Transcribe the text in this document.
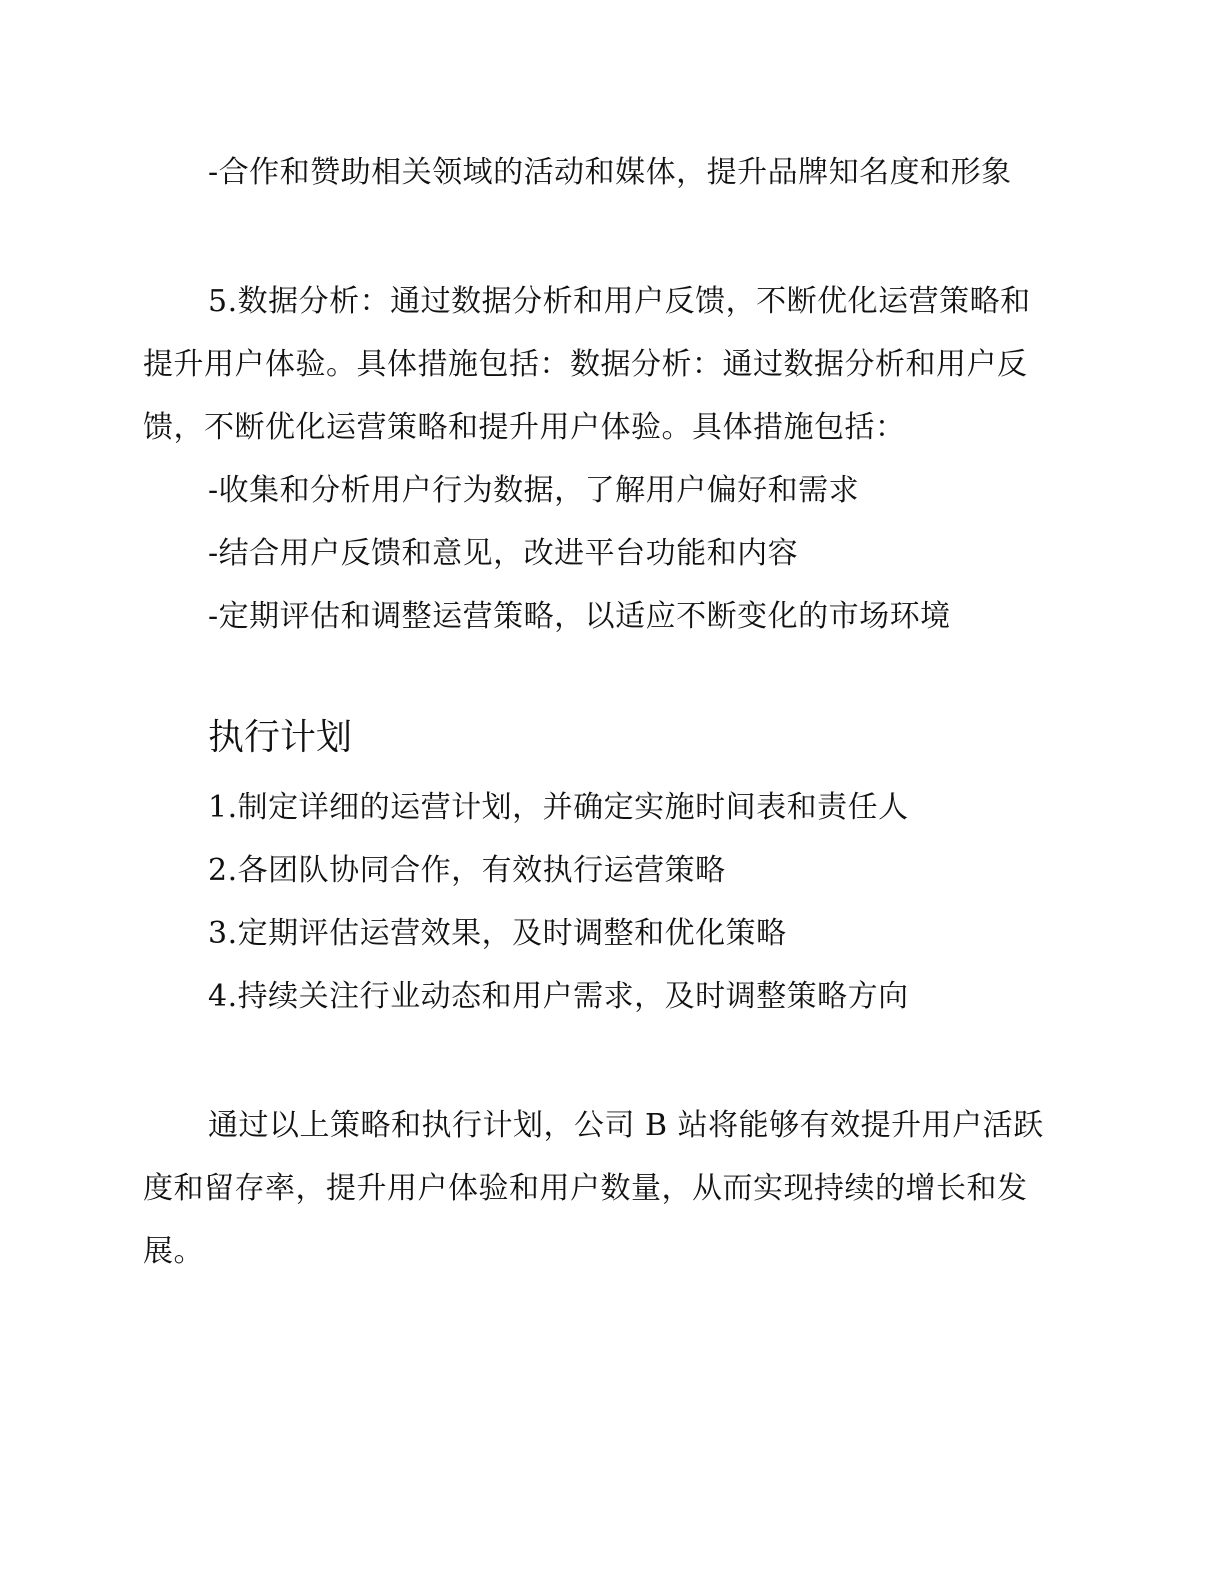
-合作和赞助相关领域的活动和媒体，提升品牌知名度和形象
5.数据分析：通过数据分析和用户反馈，不断优化运营策略和
提升用户体验。具体措施包括：数据分析：通过数据分析和用户反
馈，不断优化运营策略和提升用户体验。具体措施包括：
-收集和分析用户行为数据，了解用户偏好和需求
-结合用户反馈和意见，改进平台功能和内容
-定期评估和调整运营策略，以适应不断变化的市场环境
执行计划
1.制定详细的运营计划，并确定实施时间表和责任人
2.各团队协同合作，有效执行运营策略
3.定期评估运营效果，及时调整和优化策略
4.持续关注行业动态和用户需求，及时调整策略方向
通过以上策略和执行计划，公司 B 站将能够有效提升用户活跃
度和留存率，提升用户体验和用户数量，从而实现持续的增长和发
展。
